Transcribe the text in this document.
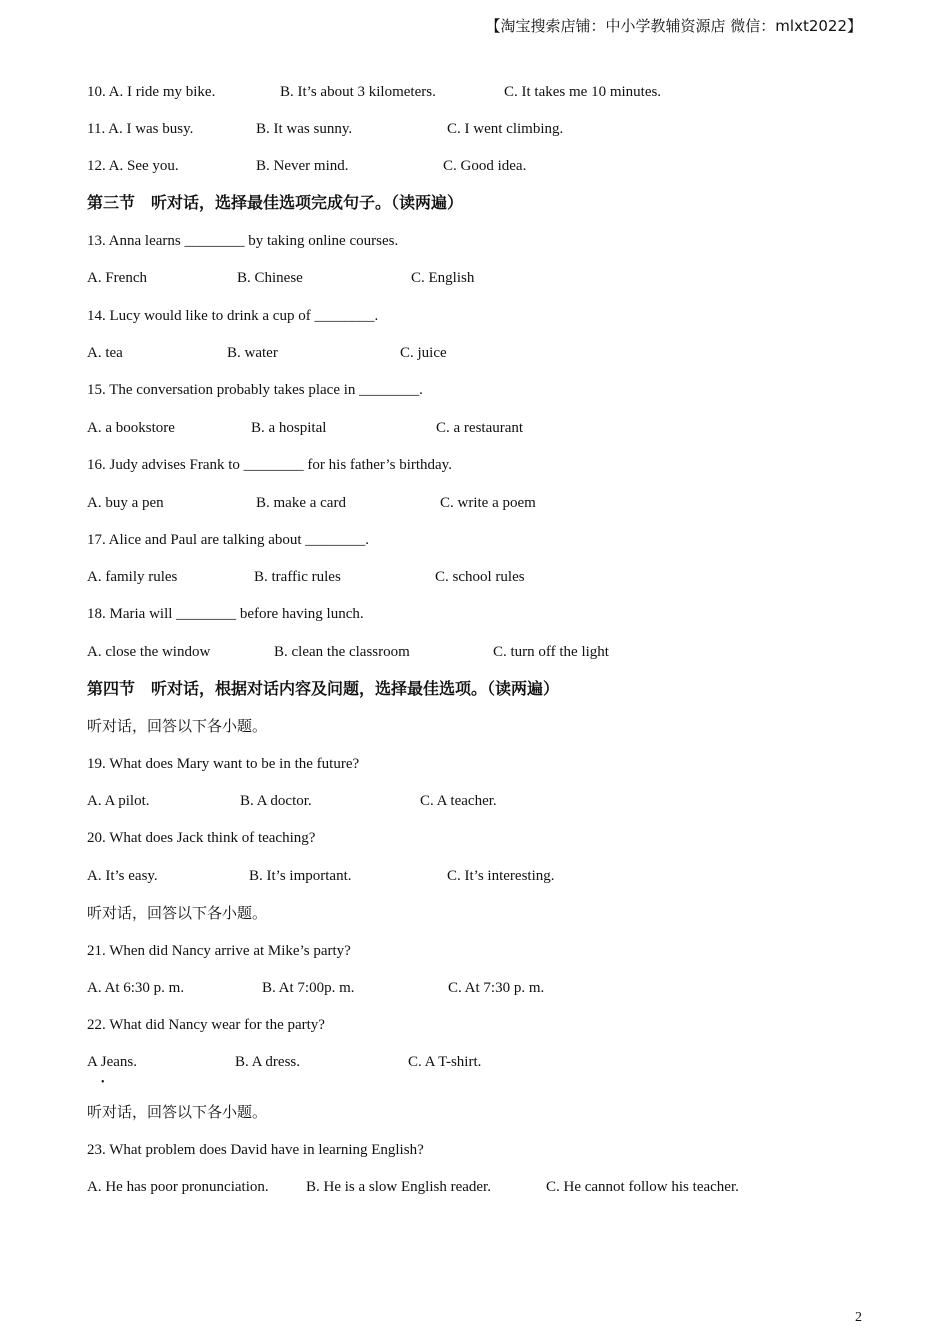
【淘宝搜索店铺：中小学教辅资源店 微信：mlxt2022】
10. A. I ride my bike.	B. It’s about 3 kilometers.	C. It takes me 10 minutes.
11. A. I was busy.	B. It was sunny.	C. I went climbing.
12. A. See you.	B. Never mind.	C. Good idea.
第三节　听对话，选择最佳选项完成句子。（读两遍）
13. Anna learns ________ by taking online courses.
A. French	B. Chinese	C. English
14. Lucy would like to drink a cup of ________.
A. tea	B. water	C. juice
15. The conversation probably takes place in ________.
A. a bookstore	B. a hospital	C. a restaurant
16. Judy advises Frank to ________ for his father’s birthday.
A. buy a pen	B. make a card	C. write a poem
17. Alice and Paul are talking about ________.
A. family rules	B. traffic rules	C. school rules
18. Maria will ________ before having lunch.
A. close the window	B. clean the classroom	C. turn off the light
第四节　听对话，根据对话内容及问题，选择最佳选项。（读两遍）
听对话，回答以下各小题。
19. What does Mary want to be in the future?
A. A pilot.	B. A doctor.	C. A teacher.
20. What does Jack think of teaching?
A. It’s easy.	B. It’s important.	C. It’s interesting.
听对话，回答以下各小题。
21. When did Nancy arrive at Mike’s party?
A. At 6:30 p. m.	B. At 7:00p. m.	C. At 7:30 p. m.
22. What did Nancy wear for the party?
A Jeans.	B. A dress.	C. A T-shirt.
•
听对话，回答以下各小题。
23. What problem does David have in learning English?
A. He has poor pronunciation. B. He is a slow English reader.	C. He cannot follow his teacher.
2
